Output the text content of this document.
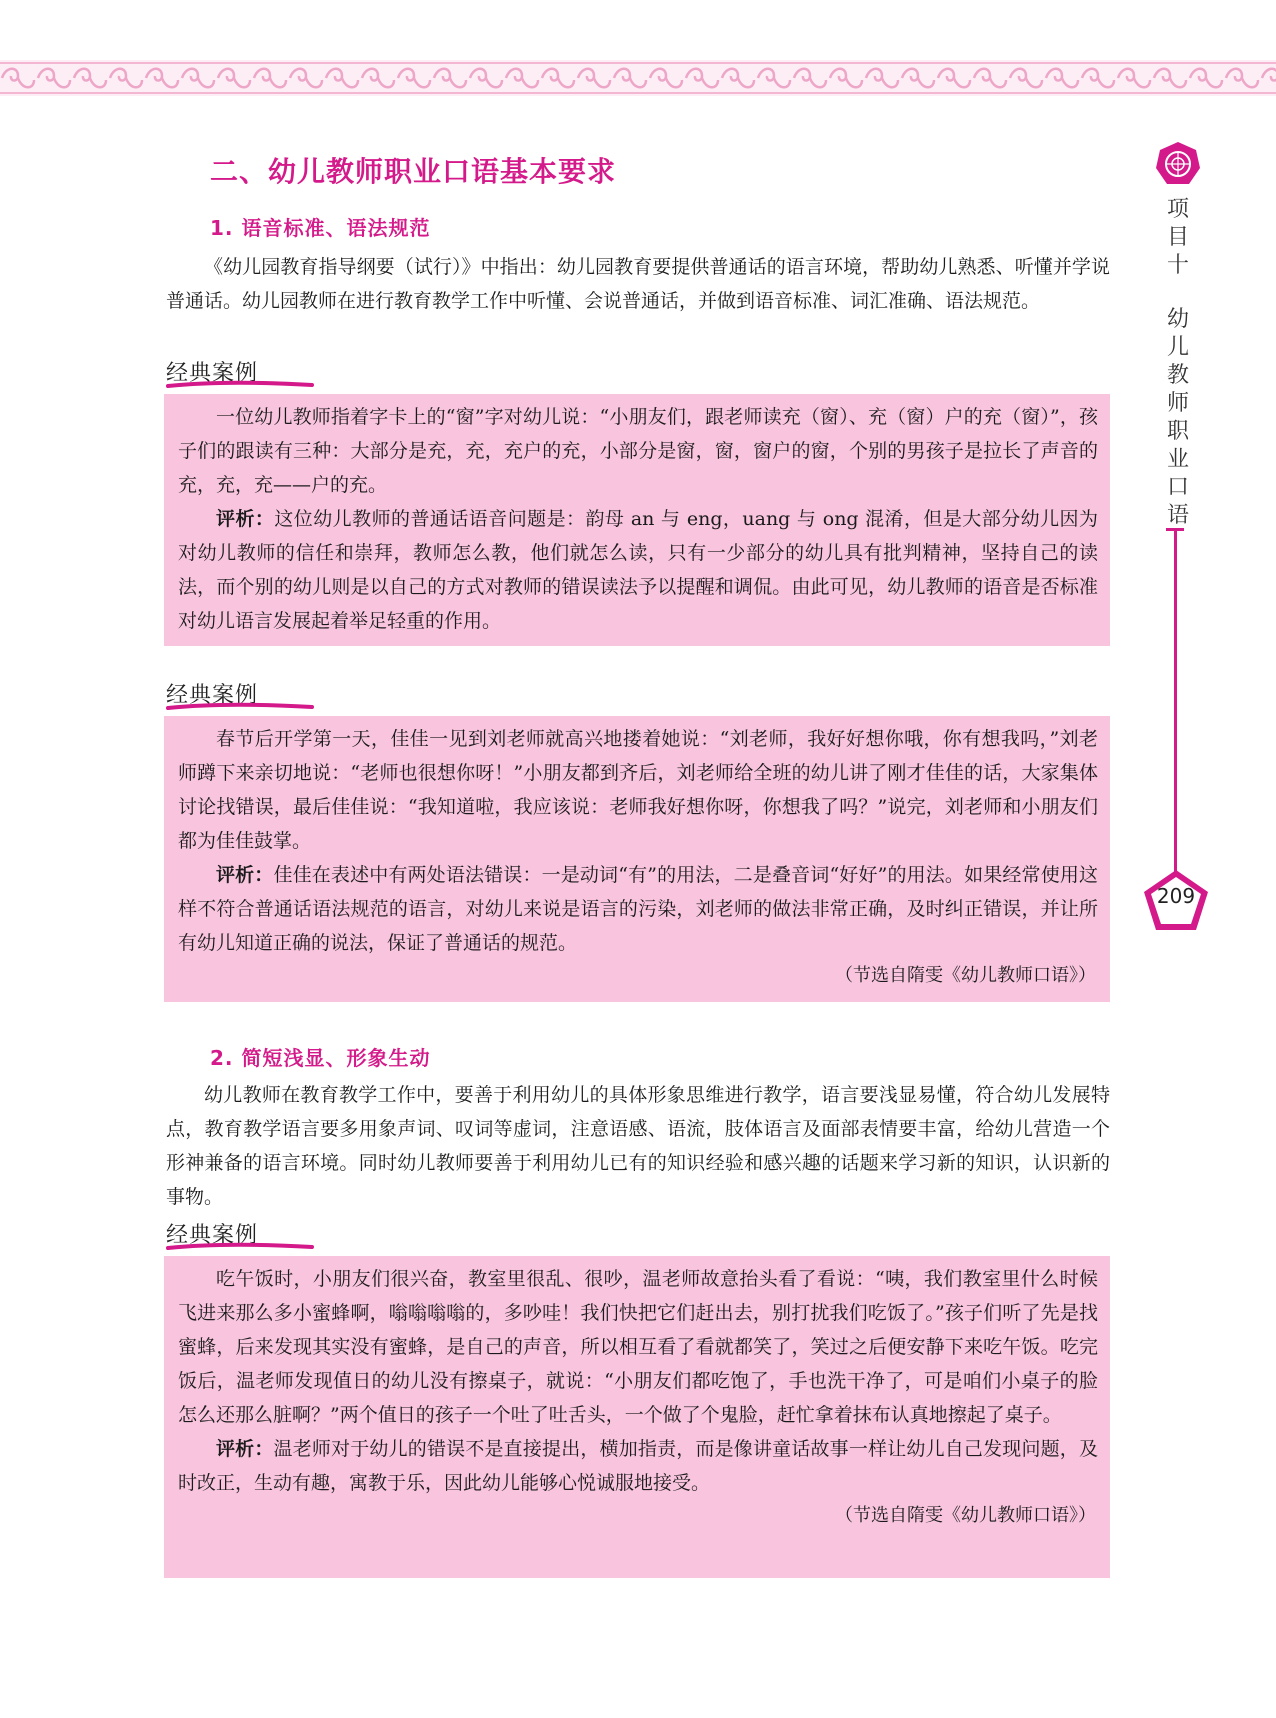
二、幼儿教师职业口语基本要求
1. 语音标准、语法规范

《幼儿园教育指导纲要（试行）》中指出：幼儿园教育要提供普通话的语言环境，帮助幼儿熟悉、听懂并学说普通话。幼儿园教师在进行教育教学工作中听懂、会说普通话，并做到语音标准、词汇准确、语法规范。

经典案例

一位幼儿教师指着字卡上的“窗”字对幼儿说：“小朋友们，跟老师读充（窗）、充（窗）户的充（窗）”，孩子们的跟读有三种：大部分是充，充，充户的充，小部分是窗，窗，窗户的窗，个别的男孩子是拉长了声音的充，充，充——户的充。

评析：这位幼儿教师的普通话语音问题是：韵母 an 与 eng，uang 与 ong 混淆，但是大部分幼儿因为对幼儿教师的信任和崇拜，教师怎么教，他们就怎么读，只有一少部分的幼儿具有批判精神，坚持自己的读法，而个别的幼儿则是以自己的方式对教师的错误读法予以提醒和调侃。由此可见，幼儿教师的语音是否标准对幼儿语言发展起着举足轻重的作用。

经典案例

春节后开学第一天，佳佳一见到刘老师就高兴地搂着她说：“刘老师，我好好想你哦，你有想我吗，”刘老师蹲下来亲切地说：“老师也很想你呀！”小朋友都到齐后，刘老师给全班的幼儿讲了刚才佳佳的话，大家集体讨论找错误，最后佳佳说：“我知道啦，我应该说：老师我好想你呀，你想我了吗？”说完，刘老师和小朋友们都为佳佳鼓掌。

评析：佳佳在表述中有两处语法错误：一是动词“有”的用法，二是叠音词“好好”的用法。如果经常使用这样不符合普通话语法规范的语言，对幼儿来说是语言的污染，刘老师的做法非常正确，及时纠正错误，并让所有幼儿知道正确的说法，保证了普通话的规范。

（节选自隋雯《幼儿教师口语》）

2. 简短浅显、形象生动

幼儿教师在教育教学工作中，要善于利用幼儿的具体形象思维进行教学，语言要浅显易懂，符合幼儿发展特点，教育教学语言要多用象声词、叹词等虚词，注意语感、语流，肢体语言及面部表情要丰富，给幼儿营造一个形神兼备的语言环境。同时幼儿教师要善于利用幼儿已有的知识经验和感兴趣的话题来学习新的知识，认识新的事物。

经典案例

吃午饭时，小朋友们很兴奋，教室里很乱、很吵，温老师故意抬头看了看说：“咦，我们教室里什么时候飞进来那么多小蜜蜂啊，嗡嗡嗡嗡的，多吵哇！我们快把它们赶出去，别打扰我们吃饭了。”孩子们听了先是找蜜蜂，后来发现其实没有蜜蜂，是自己的声音，所以相互看了看就都笑了，笑过之后便安静下来吃午饭。吃完饭后，温老师发现值日的幼儿没有擦桌子，就说：“小朋友们都吃饱了，手也洗干净了，可是咱们小桌子的脸怎么还那么脏啊？”两个值日的孩子一个吐了吐舌头，一个做了个鬼脸，赶忙拿着抹布认真地擦起了桌子。

评析：温老师对于幼儿的错误不是直接提出，横加指责，而是像讲童话故事一样让幼儿自己发现问题，及时改正，生动有趣，寓教于乐，因此幼儿能够心悦诚服地接受。

（节选自隋雯《幼儿教师口语》）

项目十
幼儿教师职业口语
209
